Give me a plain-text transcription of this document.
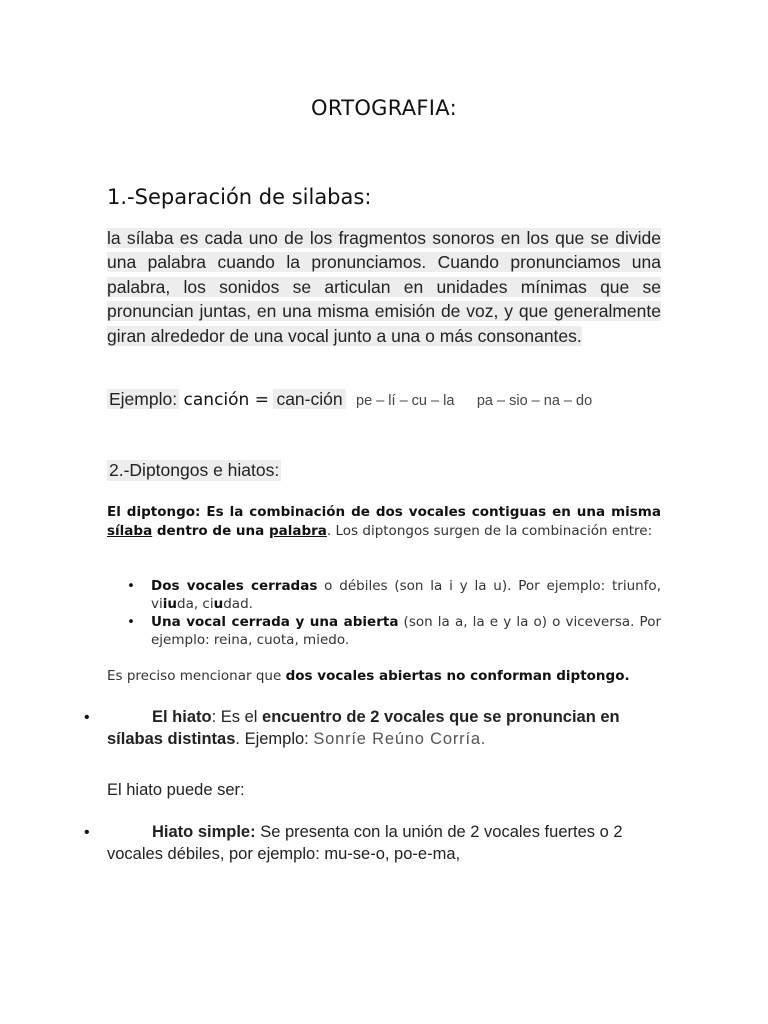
ORTOGRAFIA:
1.-Separación de silabas:
la sílaba es cada uno de los fragmentos sonoros en los que se divide una palabra cuando la pronunciamos. Cuando pronunciamos una palabra, los sonidos se articulan en unidades mínimas que se pronuncian juntas, en una misma emisión de voz, y que generalmente giran alrededor de una vocal junto a una o más consonantes.
Ejemplo: canción = can-ción pe – lí – cu – la pa – sio – na – do
2.-Diptongos e hiatos:
El diptongo: Es la combinación de dos vocales contiguas en una misma sílaba dentro de una palabra. Los diptongos surgen de la combinación entre:
• Dos vocales cerradas o débiles (son la i y la u). Por ejemplo: triunfo, viiuda, ciudad.
• Una vocal cerrada y una abierta (son la a, la e y la o) o viceversa. Por ejemplo: reina, cuota, miedo.
Es preciso mencionar que dos vocales abiertas no conforman diptongo.
•	El hiato: Es el encuentro de 2 vocales que se pronuncian en sílabas distintas. Ejemplo: Sonríe Reúno Corría.
El hiato puede ser:
•	Hiato simple: Se presenta con la unión de 2 vocales fuertes o 2 vocales débiles, por ejemplo: mu-se-o, po-e-ma,
